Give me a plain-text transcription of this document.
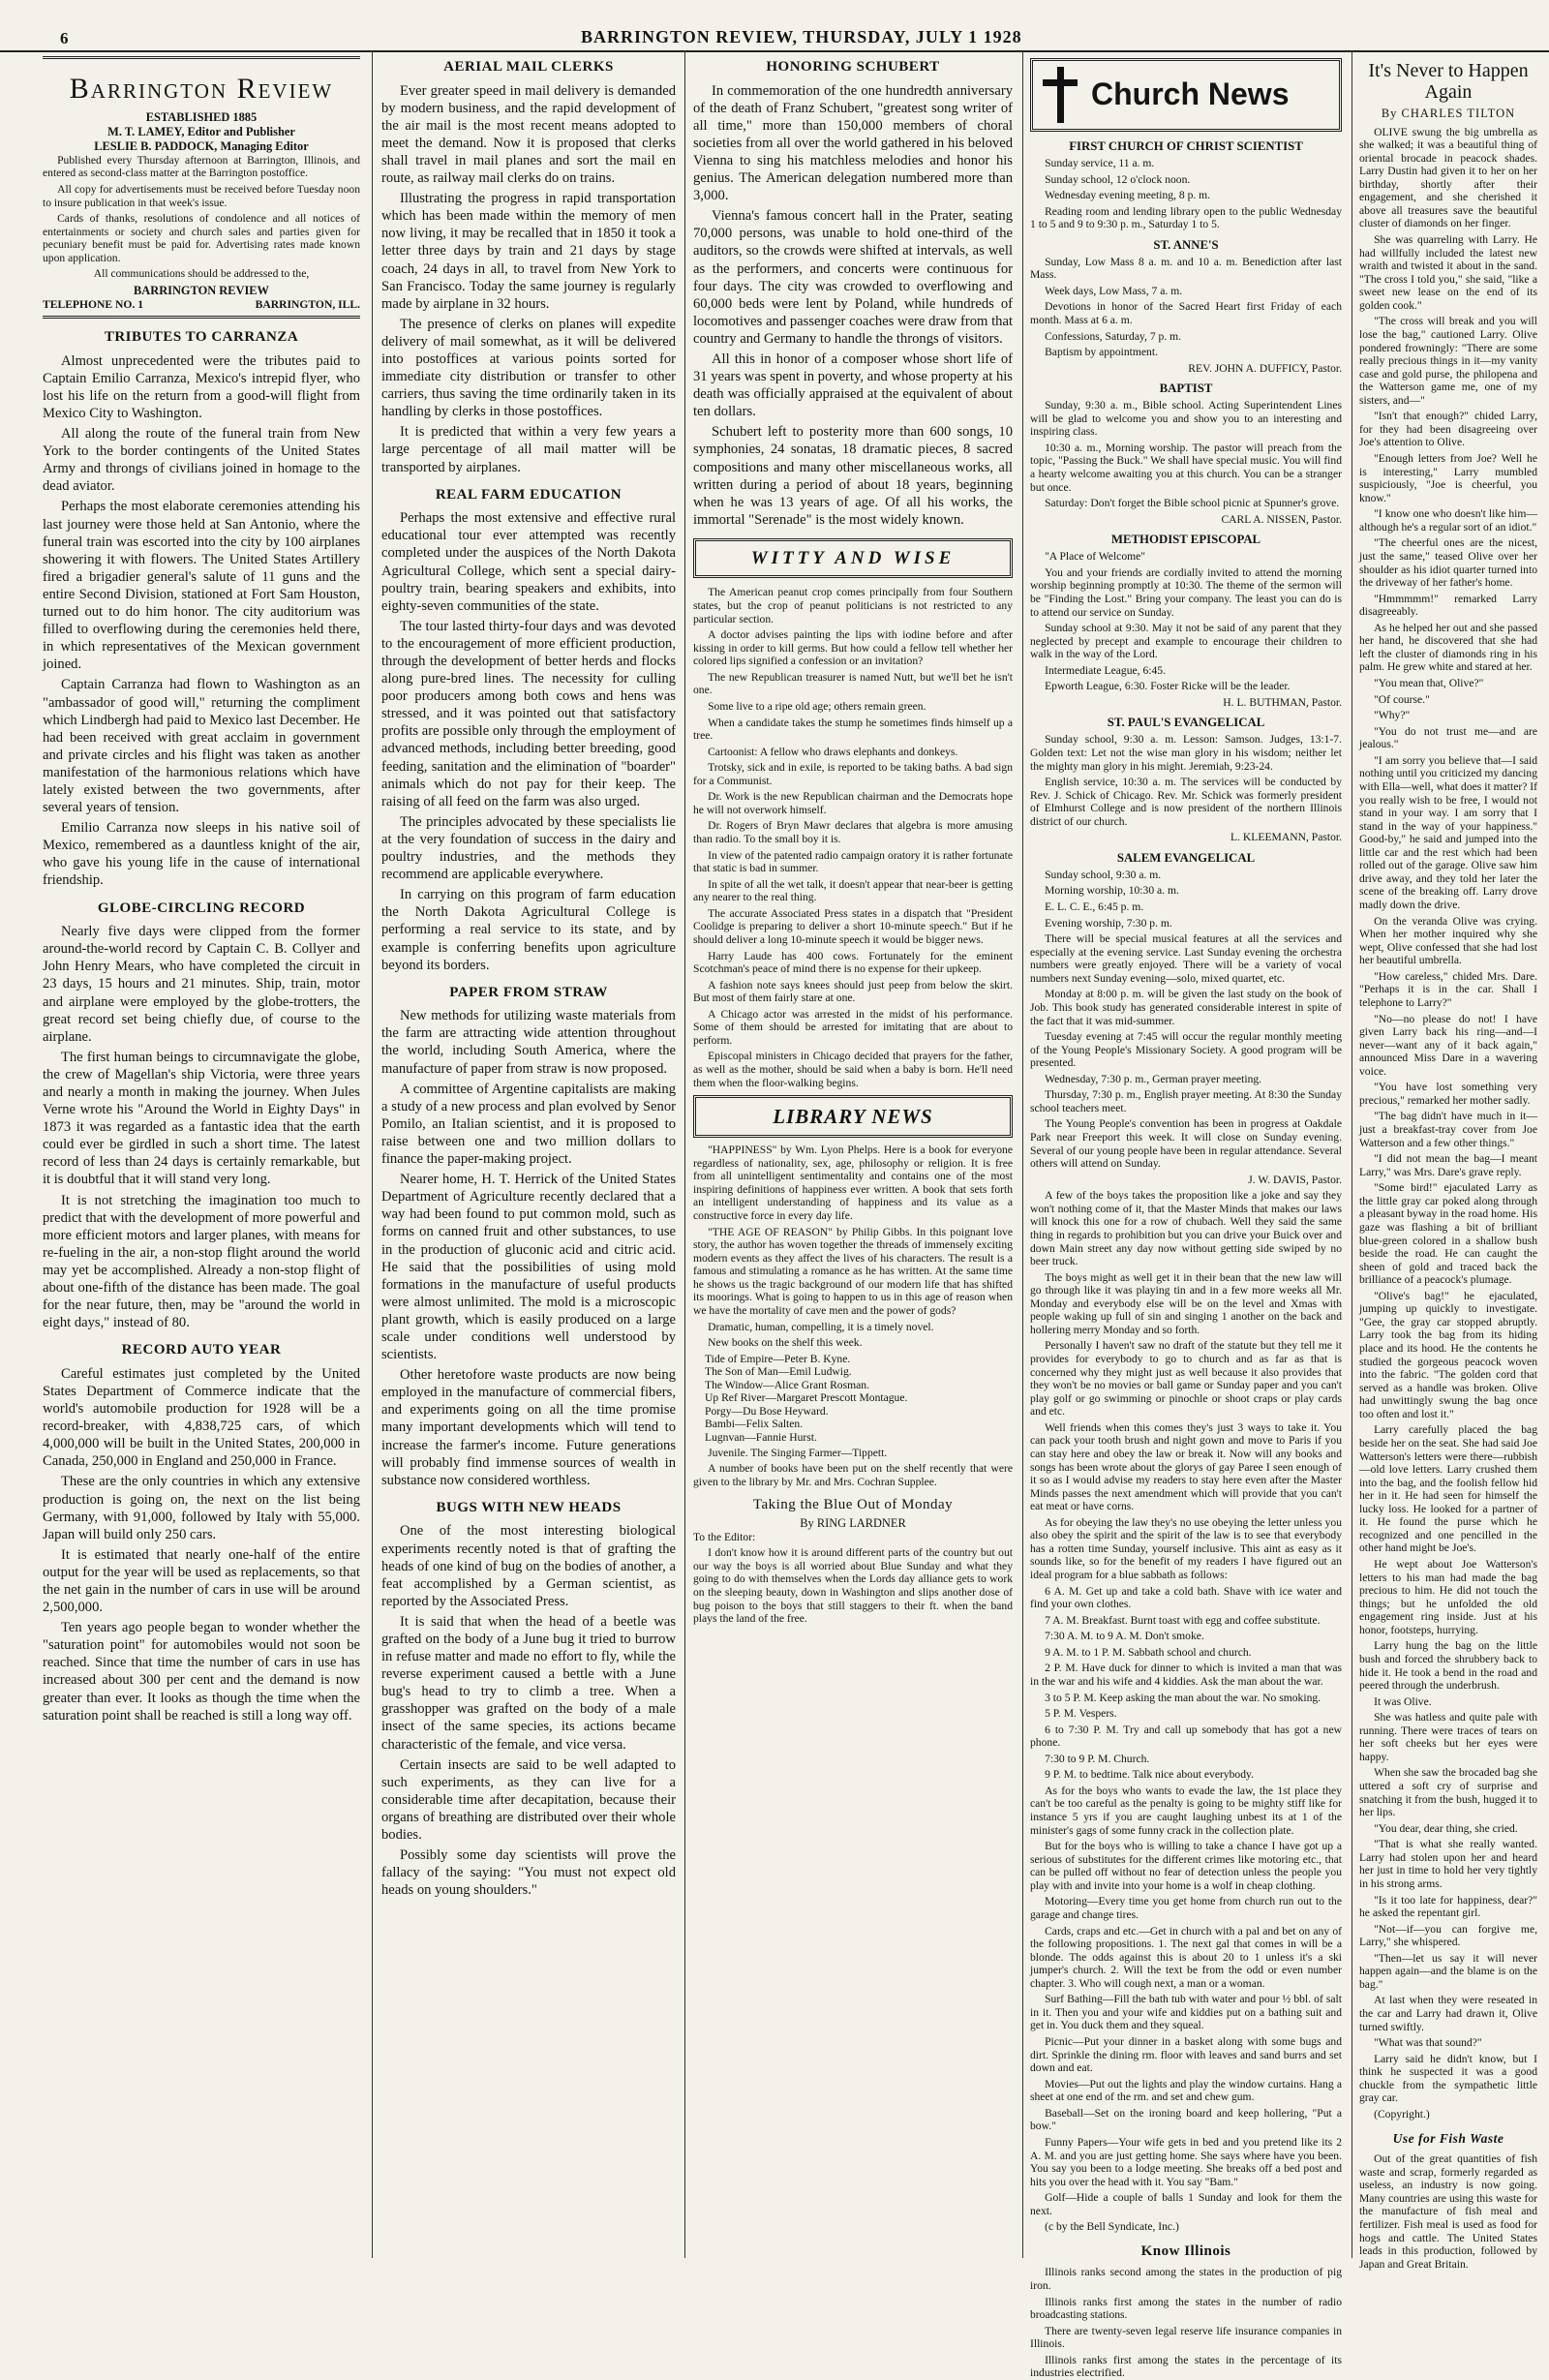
6	BARRINGTON REVIEW, THURSDAY, JULY 1 1928
Barrington Review
ESTABLISHED 1885
M. T. LAMEY, Editor and Publisher
LESLIE B. PADDOCK, Managing Editor

Published every Thursday afternoon at Barrington, Illinois, and entered as second-class matter at the Barrington postoffice.

All copy for advertisements must be received before Tuesday noon to insure publication in that week's issue.

Cards of thanks, resolutions of condolence and all notices of entertainments or society and church sales and parties given for pecuniary benefit must be paid for. Advertising rates made known upon application.

All communications should be addressed to the,

BARRINGTON REVIEW
TELEPHONE NO. 1	BARRINGTON, ILL.
TRIBUTES TO CARRANZA

Almost unprecedented were the tributes paid to Captain Emilio Carranza, Mexico's intrepid flyer, who lost his life on the return from a good-will flight from Mexico City to Washington.

All along the route of the funeral train from New York to the border contingents of the United States Army and throngs of civilians joined in homage to the dead aviator.

Perhaps the most elaborate ceremonies attending his last journey were those held at San Antonio, where the funeral train was escorted into the city by 100 airplanes showering it with flowers. The United States Artillery fired a brigadier general's salute of 11 guns and the entire Second Division, stationed at Fort Sam Houston, turned out to do him honor. The city auditorium was filled to overflowing during the ceremonies held there, in which representatives of the Mexican government joined.

Captain Carranza had flown to Washington as an "ambassador of good will," returning the compliment which Lindbergh had paid to Mexico last December. He had been received with great acclaim in government and private circles and his flight was taken as another manifestation of the harmonious relations which have lately existed between the two governments, after several years of tension.

Emilio Carranza now sleeps in his native soil of Mexico, remembered as a dauntless knight of the air, who gave his young life in the cause of international friendship.

GLOBE-CIRCLING RECORD

Nearly five days were clipped from the former around-the-world record by Captain C. B. Collyer and John Henry Mears, who have completed the circuit in 23 days, 15 hours and 21 minutes. Ship, train, motor and airplane were employed by the globe-trotters, the great record set being chiefly due, of course to the airplane.

The first human beings to circumnavigate the globe, the crew of Magellan's ship Victoria, were three years and nearly a month in making the journey. When Jules Verne wrote his "Around the World in Eighty Days" in 1873 it was regarded as a fantastic idea that the earth could ever be girdled in such a short time. The latest record of less than 24 days is certainly remarkable, but it is doubtful that it will stand very long.

It is not stretching the imagination too much to predict that with the development of more powerful and more efficient motors and larger planes, with means for re-fueling in the air, a non-stop flight around the world may yet be accomplished. Already a non-stop flight of about one-fifth of the distance has been made. The goal for the near future, then, may be "around the world in eight days," instead of 80.

RECORD AUTO YEAR

Careful estimates just completed by the United States Department of Commerce indicate that the world's automobile production for 1928 will be a record-breaker, with 4,838,725 cars, of which 4,000,000 will be built in the United States, 200,000 in Canada, 250,000 in England and 250,000 in France.

These are the only countries in which any extensive production is going on, the next on the list being Germany, with 91,000, followed by Italy with 55,000. Japan will build only 250 cars.

It is estimated that nearly one-half of the entire output for the year will be used as replacements, so that the net gain in the number of cars in use will be around 2,500,000.

Ten years ago people began to wonder whether the "saturation point" for automobiles would not soon be reached. Since that time the number of cars in use has increased about 300 per cent and the demand is now greater than ever. It looks as though the time when the saturation point shall be reached is still a long way off.

AERIAL MAIL CLERKS

Ever greater speed in mail delivery is demanded by modern business, and the rapid development of the air mail is the most recent means adopted to meet the demand. Now it is proposed that clerks shall travel in mail planes and sort the mail en route, as railway mail clerks do on trains.

Illustrating the progress in rapid transportation which has been made within the memory of men now living, it may be recalled that in 1850 it took a letter three days by train and 21 days by stage coach, 24 days in all, to travel from New York to San Francisco. Today the same journey is regularly made by airplane in 32 hours.

The presence of clerks on planes will expedite delivery of mail somewhat, as it will be delivered into postoffices at various points sorted for immediate city distribution or transfer to other carriers, thus saving the time ordinarily taken in its handling by clerks in those postoffices.

It is predicted that within a very few years a large percentage of all mail matter will be transported by airplanes.

REAL FARM EDUCATION

Perhaps the most extensive and effective rural educational tour ever attempted was recently completed under the auspices of the North Dakota Agricultural College, which sent a special dairy-poultry train, bearing speakers and exhibits, into eighty-seven communities of the state.

The tour lasted thirty-four days and was devoted to the encouragement of more efficient production, through the development of better herds and flocks along pure-bred lines. The necessity for culling poor producers among both cows and hens was stressed, and it was pointed out that satisfactory profits are possible only through the employment of advanced methods, including better breeding, good feeding, sanitation and the elimination of "boarder" animals which do not pay for their keep. The raising of all feed on the farm was also urged.

The principles advocated by these specialists lie at the very foundation of success in the dairy and poultry industries, and the methods they recommend are applicable everywhere.

In carrying on this program of farm education the North Dakota Agricultural College is performing a real service to its state, and by example is conferring benefits upon agriculture beyond its borders.

PAPER FROM STRAW

New methods for utilizing waste materials from the farm are attracting wide attention throughout the world, including South America, where the manufacture of paper from straw is now proposed.

A committee of Argentine capitalists are making a study of a new process and plan evolved by Senor Pomilo, an Italian scientist, and it is proposed to raise between one and two million dollars to finance the paper-making project.

Nearer home, H. T. Herrick of the United States Department of Agriculture recently declared that a way had been found to put common mold, such as forms on canned fruit and other substances, to use in the production of gluconic acid and citric acid. He said that the possibilities of using mold formations in the manufacture of useful products were almost unlimited. The mold is a microscopic plant growth, which is easily produced on a large scale under conditions well understood by scientists.

Other heretofore waste products are now being employed in the manufacture of commercial fibers, and experiments going on all the time promise many important developments which will tend to increase the farmer's income. Future generations will probably find immense sources of wealth in substance now considered worthless.

BUGS WITH NEW HEADS

One of the most interesting biological experiments recently noted is that of grafting the heads of one kind of bug on the bodies of another, a feat accomplished by a German scientist, as reported by the Associated Press.

It is said that when the head of a beetle was grafted on the body of a June bug it tried to burrow in refuse matter and made no effort to fly, while the reverse experiment caused a bettle with a June bug's head to try to climb a tree. When a grasshopper was grafted on the body of a male insect of the same species, its actions became characteristic of the female, and vice versa.

Certain insects are said to be well adapted to such experiments, as they can live for a considerable time after decapitation, because their organs of breathing are distributed over their whole bodies.

Possibly some day scientists will prove the fallacy of the saying: "You must not expect old heads on young shoulders."

HONORING SCHUBERT

In commemoration of the one hundredth anniversary of the death of Franz Schubert, "greatest song writer of all time," more than 150,000 members of choral societies from all over the world gathered in his beloved Vienna to sing his matchless melodies and honor his genius. The American delegation numbered more than 3,000.

Vienna's famous concert hall in the Prater, seating 70,000 persons, was unable to hold one-third of the auditors, so the crowds were shifted at intervals, as well as the performers, and concerts were continuous for four days. The city was crowded to overflowing and 60,000 beds were lent by Poland, while hundreds of locomotives and passenger coaches were draw from that country and Germany to handle the throngs of visitors.

All this in honor of a composer whose short life of 31 years was spent in poverty, and whose property at his death was officially appraised at the equivalent of about ten dollars.

Schubert left to posterity more than 600 songs, 10 symphonies, 24 sonatas, 18 dramatic pieces, 8 sacred compositions and many other miscellaneous works, all written during a period of about 18 years, beginning when he was 13 years of age. Of all his works, the immortal "Serenade" is the most widely known.

WITTY AND WISE

The American peanut crop comes principally from four Southern states, but the crop of peanut politicians is not restricted to any particular section.

A doctor advises painting the lips with iodine before and after kissing in order to kill germs. But how could a fellow tell whether her colored lips signified a confession or an invitation?

The new Republican treasurer is named Nutt, but we'll bet he isn't one.

Some live to a ripe old age; others remain green.

When a candidate takes the stump he sometimes finds himself up a tree.

Cartoonist: A fellow who draws elephants and donkeys.

Trotsky, sick and in exile, is reported to be taking baths. A bad sign for a Communist.

Dr. Work is the new Republican chairman and the Democrats hope he will not overwork himself.

Dr. Rogers of Bryn Mawr declares that algebra is more amusing than radio. To the small boy it is.

In view of the patented radio campaign oratory it is rather fortunate that static is bad in summer.

In spite of all the wet talk, it doesn't appear that near-beer is getting any nearer to the real thing.

The accurate Associated Press states in a dispatch that "President Coolidge is preparing to deliver a short 10-minute speech." But if he should deliver a long 10-minute speech it would be bigger news.

Harry Laude has 400 cows. Fortunately for the eminent Scotchman's peace of mind there is no expense for their upkeep.

A fashion note says knees should just peep from below the skirt. But most of them fairly stare at one.

A Chicago actor was arrested in the midst of his performance. Some of them should be arrested for imitating that are about to perform.

Episcopal ministers in Chicago decided that prayers for the father, as well as the mother, should be said when a baby is born. He'll need them when the floor-walking begins.

LIBRARY NEWS

"HAPPINESS" by Wm. Lyon Phelps. Here is a book for everyone regardless of nationality, sex, age, philosophy or religion. It is free from all unintelligent sentimentality and contains one of the most inspiring definitions of happiness ever written. A book that sets forth an intelligent understanding of happiness and its value as a constructive force in every day life.

"THE AGE OF REASON" by Philip Gibbs. In this poignant love story, the author has woven together the threads of immensely exciting modern events as they affect the lives of his characters. The result is a famous and stimulating a romance as he has written. At the same time he shows us the tragic background of our modern life that has shifted its moorings. What is going to happen to us in this age of reason when we have the mortality of cave men and the power of gods?

Dramatic, human, compelling, it is a timely novel.

New books on the shelf this week.

Tide of Empire—Peter B. Kyne.
The Son of Man—Emil Ludwig.
The Window—Alice Grant Rosman.
Up Ref River—Margaret Prescott Montague.
Porgy—Du Bose Heyward.
Bambi—Felix Salten.
Lugnvan—Fannie Hurst.

Juvenile. The Singing Farmer—Tippett.

A number of books have been put on the shelf recently that were given to the library by Mr. and Mrs. Cochran Supplee.

Taking the Blue Out of Monday
By RING LARDNER

To the Editor:

I don't know how it is around different parts of the country but out our way the boys is all worried about Blue Sunday and what they going to do with themselves when the Lords day alliance gets to work on the sleeping beauty, down in Washington and slips another dose of bug poison to the boys that still staggers to their ft. when the band plays the land of the free.

Church News
FIRST CHURCH OF CHRIST SCIENTIST

Sunday service, 11 a. m.

Sunday school, 12 o'clock noon.

Wednesday evening meeting, 8 p. m.

Reading room and lending library open to the public Wednesday 1 to 5 and 9 to 9:30 p. m., Saturday 1 to 5.

ST. ANNE'S

Sunday, Low Mass 8 a. m. and 10 a. m. Benediction after last Mass.

Week days, Low Mass, 7 a. m.

Devotions in honor of the Sacred Heart first Friday of each month. Mass at 6 a. m.

Confessions, Saturday, 7 p. m.

Baptism by appointment.

REV. JOHN A. DUFFICY, Pastor.

BAPTIST

Sunday, 9:30 a. m., Bible school. Acting Superintendent Lines will be glad to welcome you and show you to an interesting and inspiring class.

10:30 a. m., Morning worship. The pastor will preach from the topic, "Passing the Buck." We shall have special music. You will find a hearty welcome awaiting you at this church. You can be a stranger but once.

Saturday: Don't forget the Bible school picnic at Spunner's grove.

CARL A. NISSEN, Pastor.

METHODIST EPISCOPAL

"A Place of Welcome"

You and your friends are cordially invited to attend the morning worship beginning promptly at 10:30. The theme of the sermon will be "Finding the Lost." Bring your company. The least you can do is to attend our service on Sunday.

Sunday school at 9:30. May it not be said of any parent that they neglected by precept and example to encourage their children to walk in the way of the Lord.

Intermediate League, 6:45.

Epworth League, 6:30. Foster Ricke will be the leader.

H. L. BUTHMAN, Pastor.

ST. PAUL'S EVANGELICAL

Sunday school, 9:30 a. m. Lesson: Samson. Judges, 13:1-7. Golden text: Let not the wise man glory in his wisdom; neither let the mighty man glory in his might. Jeremiah, 9:23-24.

English service, 10:30 a. m. The services will be conducted by Rev. J. Schick of Chicago. Rev. Mr. Schick was formerly president of Elmhurst College and is now president of the northern Illinois district of our church.

L. KLEEMANN, Pastor.

SALEM EVANGELICAL

Sunday school, 9:30 a. m.

Morning worship, 10:30 a. m.

E. L. C. E., 6:45 p. m.

Evening worship, 7:30 p. m.

There will be special musical features at all the services and especially at the evening service. Last Sunday evening the orchestra numbers were greatly enjoyed. There will be a variety of vocal numbers next Sunday evening—solo, mixed quartet, etc.

Monday at 8:00 p. m. will be given the last study on the book of Job. This book study has generated considerable interest in spite of the fact that it was mid-summer.

Tuesday evening at 7:45 will occur the regular monthly meeting of the Young People's Missionary Society. A good program will be presented.

Wednesday, 7:30 p. m., German prayer meeting.

Thursday, 7:30 p. m., English prayer meeting. At 8:30 the Sunday school teachers meet.

The Young People's convention has been in progress at Oakdale Park near Freeport this week. It will close on Sunday evening. Several of our young people have been in regular attendance. Several others will attend on Sunday.

J. W. DAVIS, Pastor.

A few of the boys takes the proposition like a joke and say they won't nothing come of it, that the Master Minds that makes our laws will knock this one for a row of chubach. Well they said the same thing in regards to prohibition but you can drive your Buick over and down Main street any day now without getting side swiped by no beer truck.

The boys might as well get it in their bean that the new law will go through like it was playing tin and in a few more weeks all Mr. Monday and everybody else will be on the level and Xmas with people waking up full of sin and singing 1 another on the back and hollering merry Monday and so forth.

Personally I haven't saw no draft of the statute but they tell me it provides for everybody to go to church and as far as that is concerned why they might just as well because it also provides that they won't be no movies or ball game or Sunday paper and you can't play golf or go swimming or pinochle or shoot craps or play cards and etc.

Well friends when this comes they's just 3 ways to take it. You can pack your tooth brush and night gown and move to Paris if you can stay here and obey the law or break it. Now will any books and songs has been wrote about the glorys of gay Paree I seen enough of it so as I would advise my readers to stay here even after the Master Minds passes the next amendment which will provide that you can't eat meat or have corns.

As for obeying the law they's no use obeying the letter unless you also obey the spirit and the spirit of the law is to see that everybody has a rotten time Sunday, yourself inclusive. This aint as easy as it sounds like, so for the benefit of my readers I have figured out an ideal program for a blue sabbath as follows:

6 A. M. Get up and take a cold bath. Shave with ice water and find your own clothes.

7 A. M. Breakfast. Burnt toast with egg and coffee substitute.

7:30 A. M. to 9 A. M. Don't smoke.

9 A. M. to 1 P. M. Sabbath school and church.

2 P. M. Have duck for dinner to which is invited a man that was in the war and his wife and 4 kiddies. Ask the man about the war.

3 to 5 P. M. Keep asking the man about the war. No smoking.

5 P. M. Vespers.

6 to 7:30 P. M. Try and call up somebody that has got a new phone.

7:30 to 9 P. M. Church.

9 P. M. to bedtime. Talk nice about everybody.

As for the boys who wants to evade the law, the 1st place they can't be too careful as the penalty is going to be mighty stiff like for instance 5 yrs if you are caught laughing unbest its at 1 of the minister's gags of some funny crack in the collection plate.

But for the boys who is willing to take a chance I have got up a serious of substitutes for the different crimes like motoring etc., that can be pulled off without no fear of detection unless the people you play with and invite into your home is a wolf in cheap clothing.

Motoring—Every time you get home from church run out to the garage and change tires.

Cards, craps and etc.—Get in church with a pal and bet on any of the following propositions. 1. The next gal that comes in will be a blonde. The odds against this is about 20 to 1 unless it's a ski jumper's church. 2. Will the text be from the odd or even number chapter. 3. Who will cough next, a man or a woman.

Surf Bathing—Fill the bath tub with water and pour ½ bbl. of salt in it. Then you and your wife and kiddies put on a bathing suit and get in. You duck them and they squeal.

Picnic—Put your dinner in a basket along with some bugs and dirt. Sprinkle the dining rm. floor with leaves and sand burrs and set down and eat.

Movies—Put out the lights and play the window curtains. Hang a sheet at one end of the rm. and set and chew gum.

Baseball—Set on the ironing board and keep hollering, "Put a bow."

Funny Papers—Your wife gets in bed and you pretend like its 2 A. M. and you are just getting home. She says where have you been. You say you been to a lodge meeting. She breaks off a bed post and hits you over the head with it. You say "Bam."

Golf—Hide a couple of balls 1 Sunday and look for them the next.

(c by the Bell Syndicate, Inc.)

Know Illinois

Illinois ranks second among the states in the production of pig iron.

Illinois ranks first among the states in the number of radio broadcasting stations.

There are twenty-seven legal reserve life insurance companies in Illinois.

Illinois ranks first among the states in the percentage of its industries electrified.

It's Never to Happen Again
By CHARLES TILTON

OLIVE swung the big umbrella as she walked; it was a beautiful thing of oriental brocade in peacock shades. Larry Dustin had given it to her on her birthday, shortly after their engagement, and she cherished it above all treasures save the beautiful cluster of diamonds on her finger.

She was quarreling with Larry. He had willfully included the latest new wraith and twisted it about in the sand. "The cross I told you," she said, "like a sweet new lease on the end of its golden cook."

"The cross will break and you will lose the bag," cautioned Larry. Olive pondered frowningly: "There are some really precious things in it—my vanity case and gold purse, the philopena and the Watterson game me, one of my sisters, and—"

"Isn't that enough?" chided Larry, for they had been disagreeing over Joe's attention to Olive.

"Enough letters from Joe? Well he is interesting," Larry mumbled suspiciously, "Joe is cheerful, you know."

"I know one who doesn't like him—although he's a regular sort of an idiot."

"The cheerful ones are the nicest, just the same," teased Olive over her shoulder as his idiot quarter turned into the driveway of her father's home.

"Hmmmmm!" remarked Larry disagreeably.

As he helped her out and she passed her hand, he discovered that she had left the cluster of diamonds ring in his palm. He grew white and stared at her.

"You mean that, Olive?"

"Of course."

"Why?"

"You do not trust me—and are jealous."

"I am sorry you believe that—I said nothing until you criticized my dancing with Ella—well, what does it matter? If you really wish to be free, I would not stand in your way. I am sorry that I stand in the way of your happiness." Good-by," he said and jumped into the little car and the rest which had been rolled out of the garage. Olive saw him drive away, and they told her later the scene of the breaking off. Larry drove madly down the drive.

On the veranda Olive was crying. When her mother inquired why she wept, Olive confessed that she had lost her beautiful umbrella.

"How careless," chided Mrs. Dare. "Perhaps it is in the car. Shall I telephone to Larry?"

"No—no please do not! I have given Larry back his ring—and—I never—want any of it back again," announced Miss Dare in a wavering voice.

"You have lost something very precious," remarked her mother sadly.

"The bag didn't have much in it—just a breakfast-tray cover from Joe Watterson and a few other things."

"I did not mean the bag—I meant Larry," was Mrs. Dare's grave reply.

"Some bird!" ejaculated Larry as the little gray car poked along through a pleasant byway in the road home. His gaze was flashing a bit of brilliant blue-green colored in a shallow bush beside the road. He can caught the sheen of gold and traced back the brilliance of a peacock's plumage.

"Olive's bag!" he ejaculated, jumping up quickly to investigate. "Gee, the gray car stopped abruptly. Larry took the bag from its hiding place and its hood. He the contents he studied the gorgeous peacock woven into the fabric. "The golden cord that served as a handle was broken. Olive had unwittingly swung the bag once too often and lost it."

Larry carefully placed the bag beside her on the seat. She had said Joe Watterson's letters were there—rubbish—old love letters. Larry crushed them into the bag, and the foolish fellow hid her in it. He had seen for himself the lucky loss. He looked for a partner of it. He found the purse which he recognized and one pencilled in the other hand might be Joe's.

He wept about Joe Watterson's letters to his man had made the bag precious to him. He did not touch the things; but he unfolded the old engagement ring inside. Just at his honor, footsteps, hurrying.

Larry hung the bag on the little bush and forced the shrubbery back to hide it. He took a bend in the road and peered through the underbrush.

It was Olive.

She was hatless and quite pale with running. There were traces of tears on her soft cheeks but her eyes were happy.

When she saw the brocaded bag she uttered a soft cry of surprise and snatching it from the bush, hugged it to her lips.

"You dear, dear thing, she cried.

"That is what she really wanted. Larry had stolen upon her and heard her just in time to hold her very tightly in his strong arms.

"Is it too late for happiness, dear?" he asked the repentant girl.

"Not—if—you can forgive me, Larry," she whispered.

"Then—let us say it will never happen again—and the blame is on the bag."

At last when they were reseated in the car and Larry had drawn it, Olive turned swiftly.

"What was that sound?"

Larry said he didn't know, but I think he suspected it was a good chuckle from the sympathetic little gray car.

(Copyright.)

Use for Fish Waste

Out of the great quantities of fish waste and scrap, formerly regarded as useless, an industry is now going. Many countries are using this waste for the manufacture of fish meal and fertilizer. Fish meal is used as food for hogs and cattle. The United States leads in this production, followed by Japan and Great Britain.
